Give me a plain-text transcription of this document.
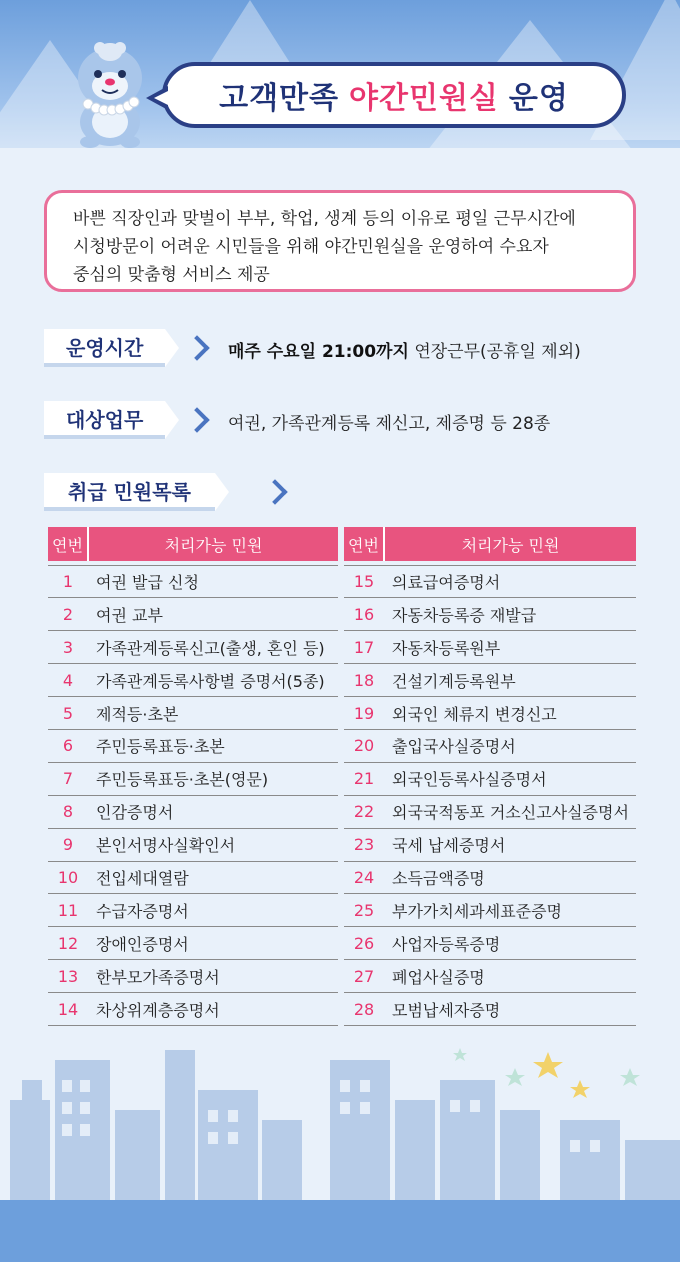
고객만족 야간민원실 운영
바쁜 직장인과 맞벌이 부부, 학업, 생계 등의 이유로 평일 근무시간에
시청방문이 어려운 시민들을 위해 야간민원실을 운영하여 수요자
중심의 맞춤형 서비스 제공
운영시간	매주 수요일 21:00까지 연장근무(공휴일 제외)
대상업무	여권, 가족관계등록 제신고, 제증명 등 28종
취급 민원목록
연번	처리가능 민원

1	여권 발급 신청
2	여권 교부
3	가족관계등록신고(출생, 혼인 등)
4	가족관계등록사항별 증명서(5종)
5	제적등·초본
6	주민등록표등·초본
7	주민등록표등·초본(영문)
8	인감증명서
9	본인서명사실확인서
10	전입세대열람
11	수급자증명서
12	장애인증명서
13	한부모가족증명서
14	차상위계층증명서
연번	처리가능 민원

15	의료급여증명서
16	자동차등록증 재발급
17	자동차등록원부
18	건설기계등록원부
19	외국인 체류지 변경신고
20	출입국사실증명서
21	외국인등록사실증명서
22	외국국적동포 거소신고사실증명서
23	국세 납세증명서
24	소득금액증명
25	부가가치세과세표준증명
26	사업자등록증명
27	폐업사실증명
28	모범납세자증명
